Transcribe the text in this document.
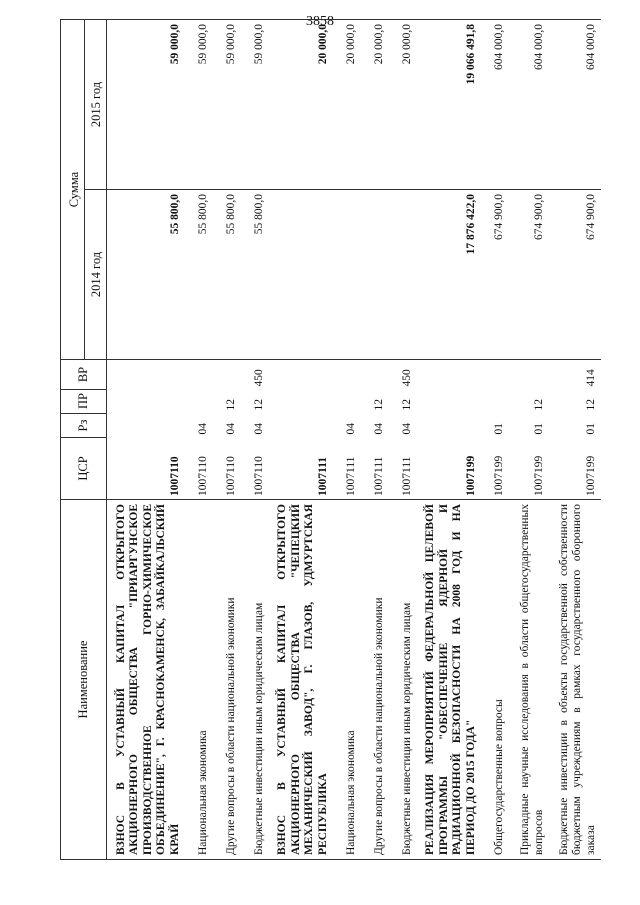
3858
Наименование	ЦСР	Рз	ПР	ВР	Сумма	
					2014 год	2015 год
ВЗНОС В УСТАВНЫЙ КАПИТАЛ ОТКРЫТОГО АКЦИОНЕРНОГО ОБЩЕСТВА "ПРИАРГУНСКОЕ ПРОИЗВОДСТВЕННОЕ ГОРНО-ХИМИЧЕСКОЕ ОБЪЕДИНЕНИЕ", Г. КРАСНОКАМЕНСК, ЗАБАЙКАЛЬСКИЙ КРАЙ	1007110				55 800,0	59 000,0
Национальная экономика	1007110	04			55 800,0	59 000,0
Другие вопросы в области национальной экономики	1007110	04	12		55 800,0	59 000,0
Бюджетные инвестиции иным юридическим лицам	1007110	04	12	450	55 800,0	59 000,0
ВЗНОС В УСТАВНЫЙ КАПИТАЛ ОТКРЫТОГО АКЦИОНЕРНОГО ОБЩЕСТВА "ЧЕПЕЦКИЙ МЕХАНИЧЕСКИЙ ЗАВОД", Г. ГЛАЗОВ, УДМУРТСКАЯ РЕСПУБЛИКА	1007111					20 000,0
Национальная экономика	1007111	04				20 000,0
Другие вопросы в области национальной экономики	1007111	04	12			20 000,0
Бюджетные инвестиции иным юридическим лицам	1007111	04	12	450		20 000,0
РЕАЛИЗАЦИЯ МЕРОПРИЯТИЙ ФЕДЕРАЛЬНОЙ ЦЕЛЕВОЙ ПРОГРАММЫ "ОБЕСПЕЧЕНИЕ ЯДЕРНОЙ И РАДИАЦИОННОЙ БЕЗОПАСНОСТИ НА 2008 ГОД И НА ПЕРИОД ДО 2015 ГОДА"	1007199				17 876 422,0	19 066 491,8
Общегосударственные вопросы	1007199	01			674 900,0	604 000,0
Прикладные научные исследования в области общегосударственных вопросов	1007199	01	12		674 900,0	604 000,0
Бюджетные инвестиции в объекты государственной собственности бюджетным учреждениям в рамках государственного оборонного заказа	1007199	01	12	414	674 900,0	604 000,0
